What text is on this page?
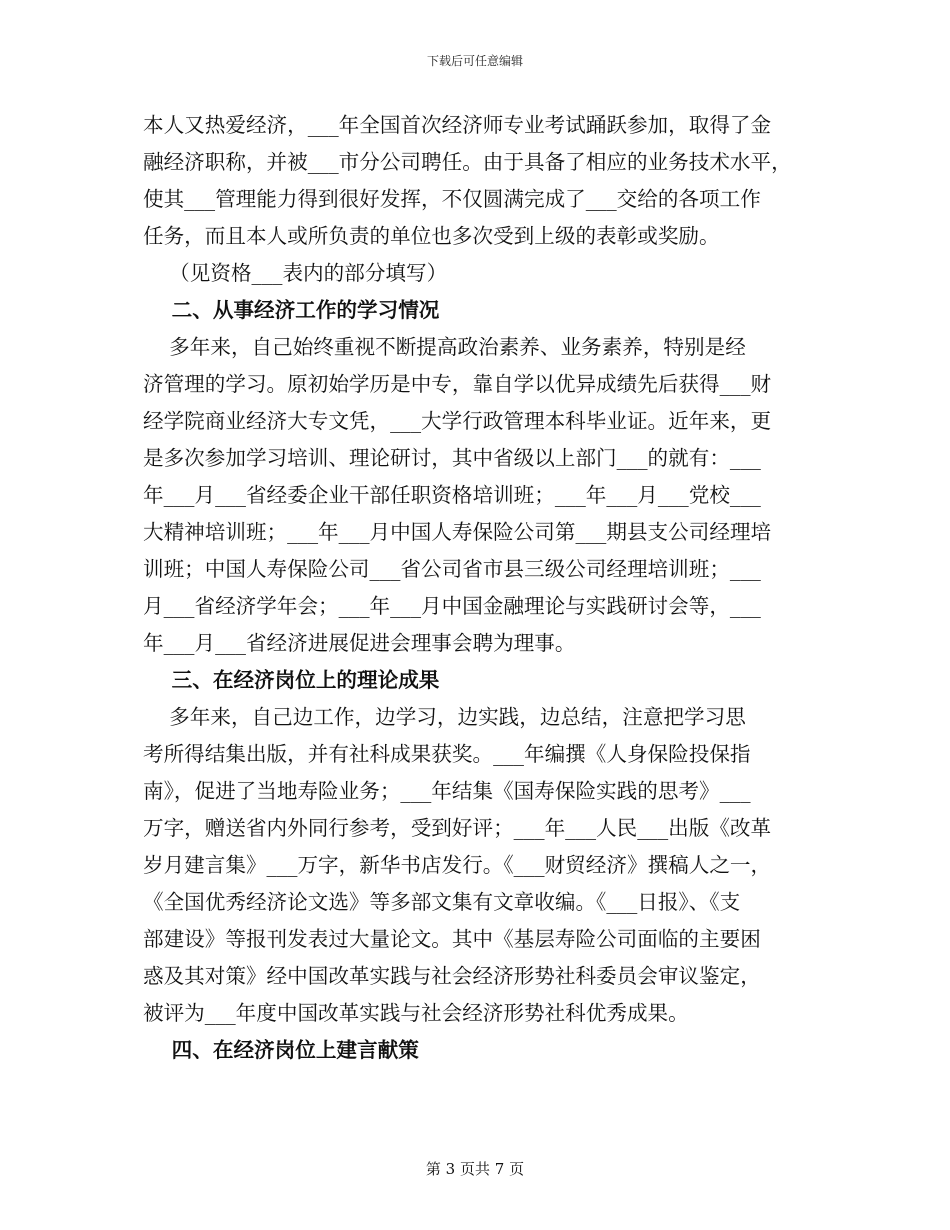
下载后可任意编辑
本人又热爱经济，___年全国首次经济师专业考试踊跃参加，取得了金
融经济职称，并被___市分公司聘任。由于具备了相应的业务技术水平，
使其___管理能力得到很好发挥，不仅圆满完成了___交给的各项工作
任务，而且本人或所负责的单位也多次受到上级的表彰或奖励。
（见资格___表内的部分填写）
二、从事经济工作的学习情况
多年来，自己始终重视不断提高政治素养、业务素养，特别是经
济管理的学习。原初始学历是中专，靠自学以优异成绩先后获得___财
经学院商业经济大专文凭，___大学行政管理本科毕业证。近年来，更
是多次参加学习培训、理论研讨，其中省级以上部门___的就有：___
年___月___省经委企业干部任职资格培训班；___年___月___党校___
大精神培训班；___年___月中国人寿保险公司第___期县支公司经理培
训班；中国人寿保险公司___省公司省市县三级公司经理培训班；___
月___省经济学年会；___年___月中国金融理论与实践研讨会等，___
年___月___省经济进展促进会理事会聘为理事。
三、在经济岗位上的理论成果
多年来，自己边工作，边学习，边实践，边总结，注意把学习思
考所得结集出版，并有社科成果获奖。___年编撰《人身保险投保指
南》，促进了当地寿险业务；___年结集《国寿保险实践的思考》___
万字，赠送省内外同行参考，受到好评；___年___人民___出版《改革
岁月建言集》___万字，新华书店发行。《___财贸经济》撰稿人之一，
《全国优秀经济论文选》等多部文集有文章收编。《___日报》、《支
部建设》等报刊发表过大量论文。其中《基层寿险公司面临的主要困
惑及其对策》经中国改革实践与社会经济形势社科委员会审议鉴定，
被评为___年度中国改革实践与社会经济形势社科优秀成果。
四、在经济岗位上建言献策
第 3 页共 7 页
